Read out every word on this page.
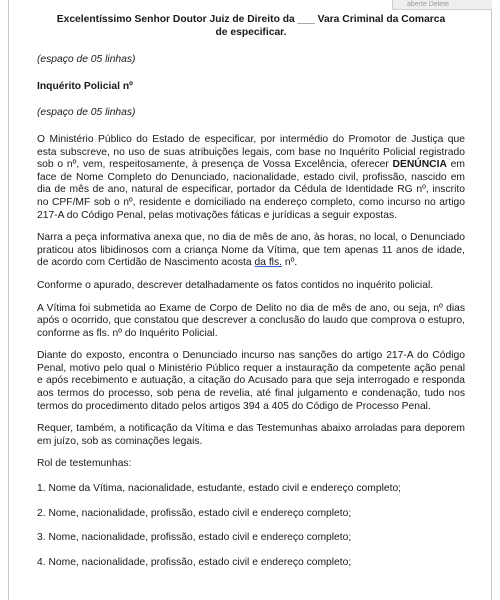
aberte Delete
Excelentíssimo Senhor Doutor Juiz de Direito da ___ Vara Criminal da Comarca
de especificar.
(espaço de 05 linhas)
Inquérito Policial nº
(espaço de 05 linhas)

O Ministério Público do Estado de especificar, por intermédio do Promotor de Justiça que esta subscreve, no uso de suas atribuições legais, com base no Inquérito Policial registrado sob o nº, vem, respeitosamente, à presença de Vossa Excelência, oferecer DENÚNCIA em face de Nome Completo do Denunciado, nacionalidade, estado civil, profissão, nascido em dia de mês de ano, natural de especificar, portador da Cédula de Identidade RG nº, inscrito no CPF/MF sob o nº, residente e domiciliado na endereço completo, como incurso no artigo 217-A do Código Penal, pelas motivações fáticas e jurídicas a seguir expostas.

Narra a peça informativa anexa que, no dia de mês de ano, às horas, no local, o Denunciado praticou atos libidinosos com a criança Nome da Vítima, que tem apenas 11 anos de idade, de acordo com Certidão de Nascimento acosta da fls. nº.

Conforme o apurado, descrever detalhadamente os fatos contidos no inquérito policial.

A Vítima foi submetida ao Exame de Corpo de Delito no dia de mês de ano, ou seja, nº dias após o ocorrido, que constatou que descrever a conclusão do laudo que comprova o estupro, conforme as fls. nº do Inquérito Policial.

Diante do exposto, encontra o Denunciado incurso nas sanções do artigo 217-A do Código Penal, motivo pelo qual o Ministério Público requer a instauração da competente ação penal e após recebimento e autuação, a citação do Acusado para que seja interrogado e responda aos termos do processo, sob pena de revelia, até final julgamento e condenação, tudo nos termos do procedimento ditado pelos artigos 394 a 405 do Código de Processo Penal.

Requer, também, a notificação da Vítima e das Testemunhas abaixo arroladas para deporem em juízo, sob as cominações legais.

Rol de testemunhas:
1. Nome da Vítima, nacionalidade, estudante, estado civil e endereço completo;
2. Nome, nacionalidade, profissão, estado civil e endereço completo;
3. Nome, nacionalidade, profissão, estado civil e endereço completo;
4. Nome, nacionalidade, profissão, estado civil e endereço completo;
